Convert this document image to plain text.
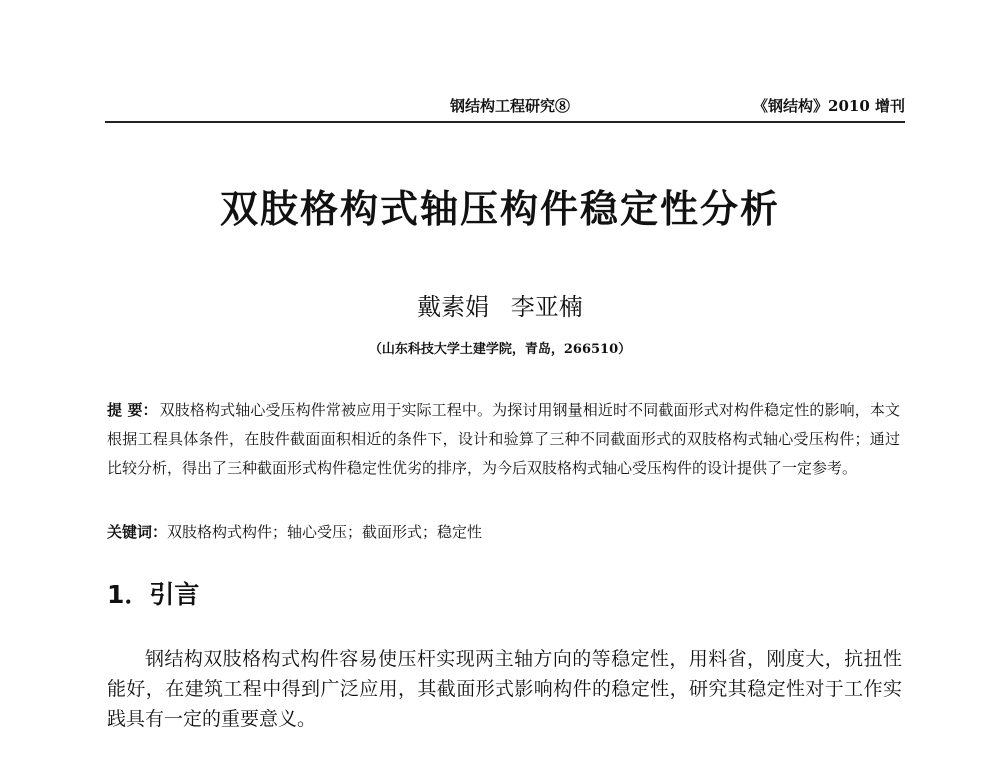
钢结构工程研究⑧	《钢结构》2010 增刊
双肢格构式轴压构件稳定性分析
戴素娟 李亚楠
（山东科技大学土建学院，青岛，266510）
提 要： 双肢格构式轴心受压构件常被应用于实际工程中。为探讨用钢量相近时不同截面形式对构件稳定性的影响，本文根据工程具体条件，在肢件截面面积相近的条件下，设计和验算了三种不同截面形式的双肢格构式轴心受压构件；通过比较分析，得出了三种截面形式构件稳定性优劣的排序，为今后双肢格构式轴心受压构件的设计提供了一定参考。
关键词：双肢格构式构件；轴心受压；截面形式；稳定性
1．引言
钢结构双肢格构式构件容易使压杆实现两主轴方向的等稳定性，用料省，刚度大，抗扭性能好，在建筑工程中得到广泛应用，其截面形式影响构件的稳定性，研究其稳定性对于工作实践具有一定的重要意义。
